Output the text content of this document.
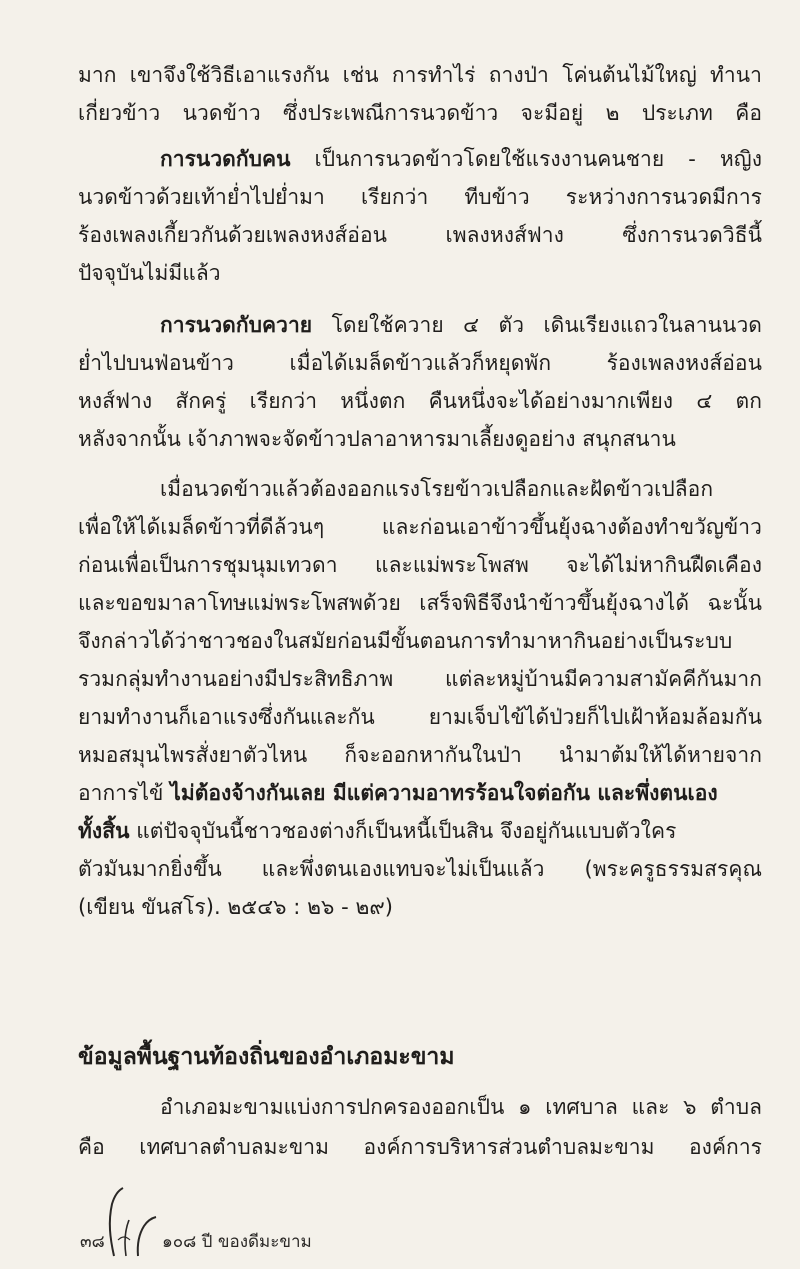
มาก เขาจึงใช้วิธีเอาแรงกัน เช่น การทำไร่ ถางป่า โค่นต้นไม้ใหญ่ ทำนา
เกี่ยวข้าว นวดข้าว ซึ่งประเพณีการนวดข้าว จะมีอยู่ ๒ ประเภท คือ
การนวดกับคน เป็นการนวดข้าวโดยใช้แรงงานคนชาย - หญิง
นวดข้าวด้วยเท้าย่ำไปย่ำมา เรียกว่า ทีบข้าว ระหว่างการนวดมีการ
ร้องเพลงเกี้ยวกันด้วยเพลงหงส์อ่อน เพลงหงส์ฟาง ซึ่งการนวดวิธีนี้
ปัจจุบันไม่มีแล้ว
การนวดกับควาย โดยใช้ควาย ๔ ตัว เดินเรียงแถวในลานนวด
ย่ำไปบนฟ่อนข้าว เมื่อได้เมล็ดข้าวแล้วก็หยุดพัก ร้องเพลงหงส์อ่อน
หงส์ฟาง สักครู่ เรียกว่า หนึ่งตก คืนหนึ่งจะได้อย่างมากเพียง ๔ ตก
หลังจากนั้น เจ้าภาพจะจัดข้าวปลาอาหารมาเลี้ยงดูอย่าง สนุกสนาน
เมื่อนวดข้าวแล้วต้องออกแรงโรยข้าวเปลือกและฝัดข้าวเปลือก
เพื่อให้ได้เมล็ดข้าวที่ดีล้วนๆ และก่อนเอาข้าวขึ้นยุ้งฉางต้องทำขวัญข้าว
ก่อนเพื่อเป็นการชุมนุมเทวดา และแม่พระโพสพ จะได้ไม่หากินฝืดเคือง
และขอขมาลาโทษแม่พระโพสพด้วย เสร็จพิธีจึงนำข้าวขึ้นยุ้งฉางได้ ฉะนั้น
จึงกล่าวได้ว่าชาวชองในสมัยก่อนมีขั้นตอนการทำมาหากินอย่างเป็นระบบ
รวมกลุ่มทำงานอย่างมีประสิทธิภาพ แต่ละหมู่บ้านมีความสามัคคีกันมาก
ยามทำงานก็เอาแรงซึ่งกันและกัน ยามเจ็บไข้ได้ป่วยก็ไปเฝ้าห้อมล้อมกัน
หมอสมุนไพรสั่งยาตัวไหน ก็จะออกหากันในป่า นำมาต้มให้ได้หายจาก
อาการไข้ ไม่ต้องจ้างกันเลย มีแต่ความอาทรร้อนใจต่อกัน และพึ่งตนเอง
ทั้งสิ้น แต่ปัจจุบันนี้ชาวชองต่างก็เป็นหนี้เป็นสิน จึงอยู่กันแบบตัวใคร
ตัวมันมากยิ่งขึ้น และพึ่งตนเองแทบจะไม่เป็นแล้ว (พระครูธรรมสรคุณ
(เขียน ขันสโร). ๒๕๔๖ : ๒๖ - ๒๙)
ข้อมูลพื้นฐานท้องถิ่นของอำเภอมะขาม
อำเภอมะขามแบ่งการปกครองออกเป็น ๑ เทศบาล และ ๖ ตำบล
คือ เทศบาลตำบลมะขาม องค์การบริหารส่วนตำบลมะขาม องค์การ
๓๘	๑๐๘ ปี ของดีมะขาม
